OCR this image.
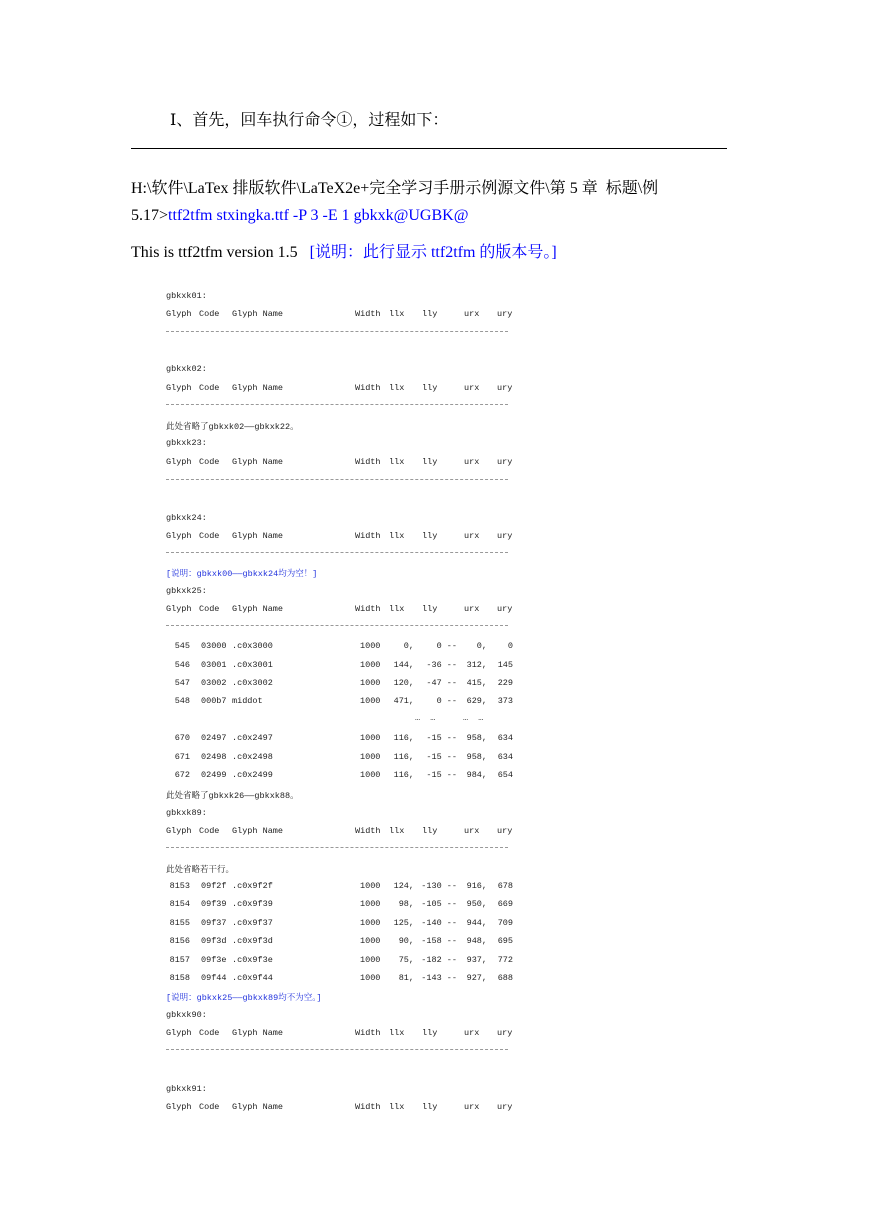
Ⅰ、首先，回车执行命令①，过程如下：
H:\软件\LaTex 排版软件\LaTeX2e+完全学习手册示例源文件\第 5 章  标题\例
5.17>ttf2tfm stxingka.ttf -P 3 -E 1 gbkxk@UGBK@
This is ttf2tfm version 1.5 [说明：此行显示 ttf2tfm 的版本号。]
gbkxk01:
Glyph Code Glyph Name	Width llx lly	urx ury
gbkxk02:
Glyph Code Glyph Name	Width llx lly	urx ury
此处省略了gbkxk02——gbkxk22。
gbkxk23:
Glyph Code Glyph Name	Width llx lly	urx ury
gbkxk24:
Glyph Code Glyph Name	Width llx lly	urx ury
[说明：gbkxk00——gbkxk24均为空！]
gbkxk25:
Glyph Code Glyph Name	Width llx lly	urx ury
545 03000 .c0x3000	1000	0,	0 --	0,	0
546 03001 .c0x3001	1000	144,	-36 --	312,	145
547 03002 .c0x3002	1000	120,	-47 --	415,	229
548 000b7 middot	1000	471,	0 --	629,	373
…  …	…  …
670 02497 .c0x2497	1000	116,	-15 --	958,	634
671 02498 .c0x2498	1000	116,	-15 --	958,	634
672 02499 .c0x2499	1000	116,	-15 --	984,	654
此处省略了gbkxk26——gbkxk88。
gbkxk89:
Glyph Code Glyph Name	Width llx lly	urx ury
此处省略若干行。
8153 09f2f .c0x9f2f	1000	124, -130 --	916,	678
8154 09f39 .c0x9f39	1000	98, -105 --	950,	669
8155 09f37 .c0x9f37	1000	125, -140 --	944,	709
8156 09f3d .c0x9f3d	1000	90, -158 --	948,	695
8157 09f3e .c0x9f3e	1000	75, -182 --	937,	772
8158 09f44 .c0x9f44	1000	81, -143 --	927,	688
[说明：gbkxk25——gbkxk89均不为空。]
gbkxk90:
Glyph Code Glyph Name	Width llx lly	urx ury
gbkxk91:
Glyph Code Glyph Name	Width llx lly	urx ury
